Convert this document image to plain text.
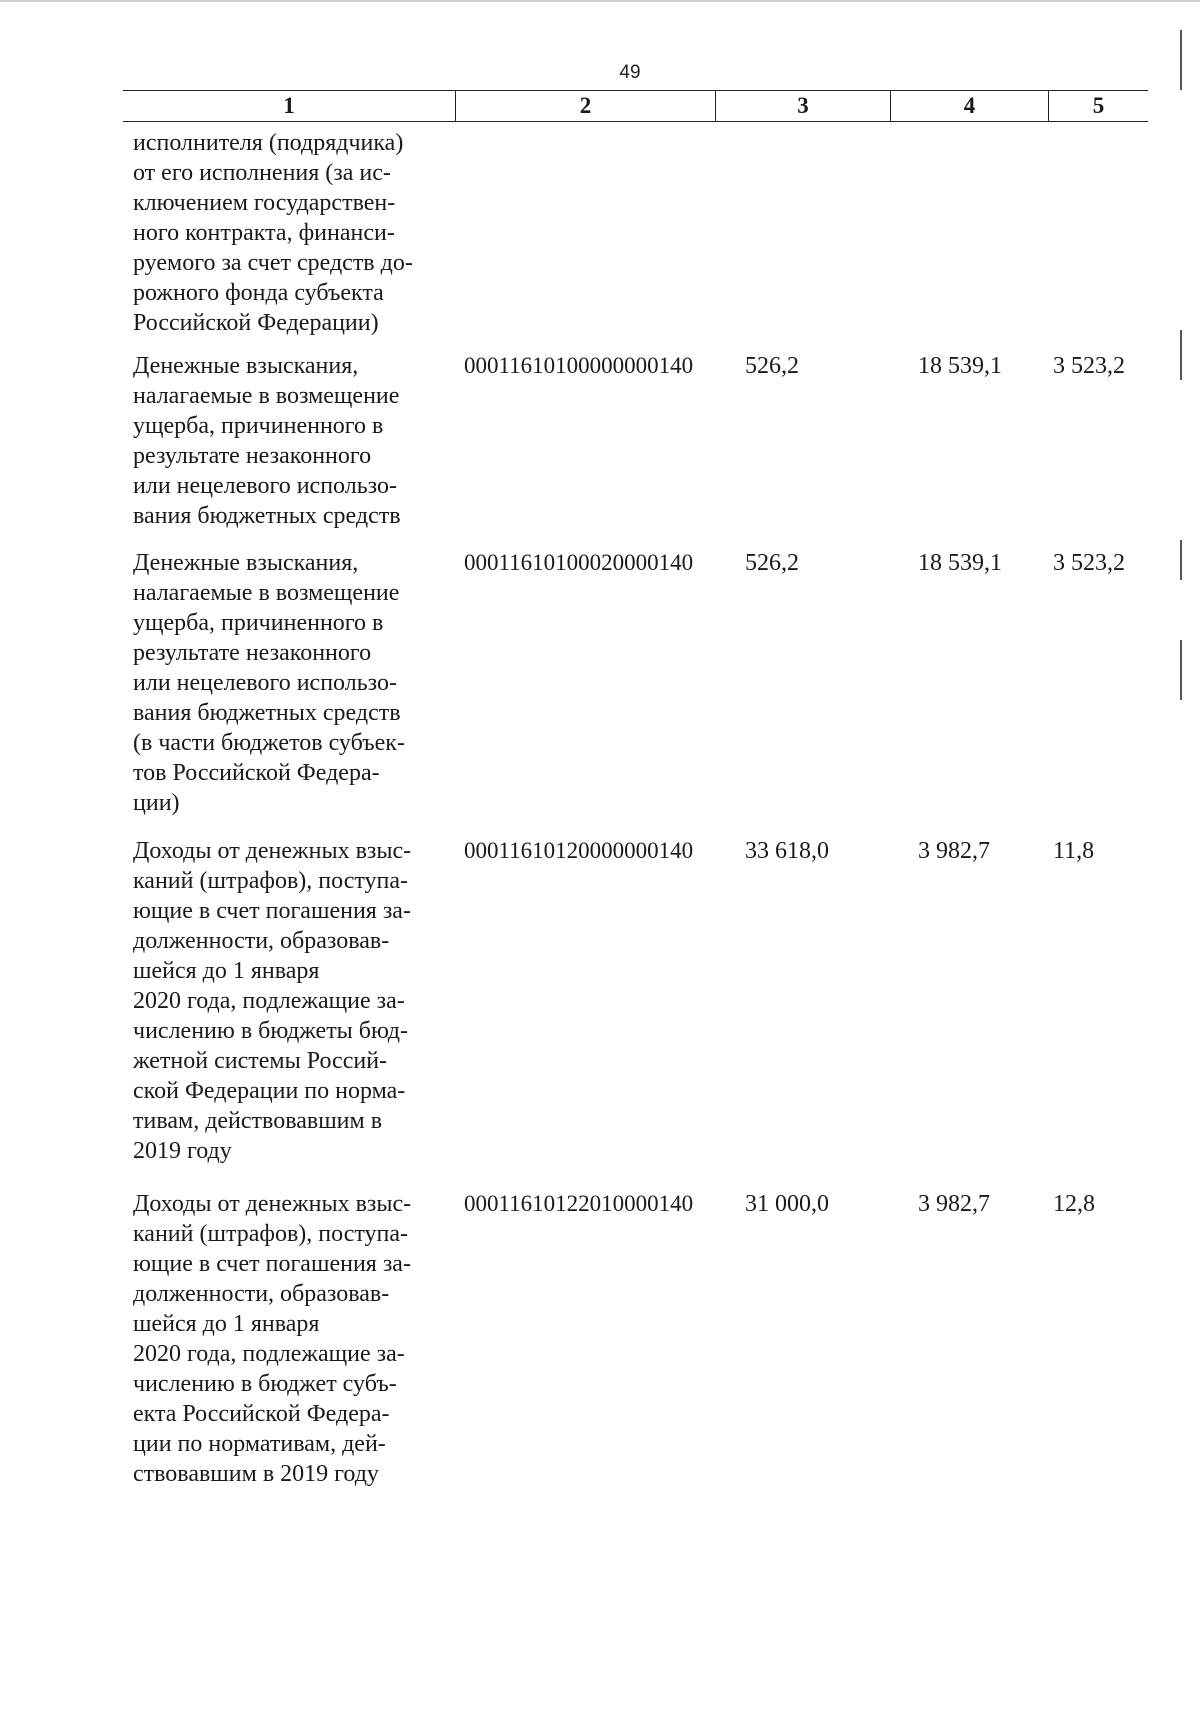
49
1	2	3	4	5
исполнителя (подрядчика)
от его исполнения (за ис-
ключением государствен-
ного контракта, финанси-
руемого за счет средств до-
рожного фонда субъекта
Российской Федерации)
Денежные взыскания,
налагаемые в возмещение
ущерба, причиненного в
результате незаконного
или нецелевого использо-
вания бюджетных средств
00011610100000000140 526,2	18 539,1	3 523,2
Денежные взыскания,
налагаемые в возмещение
ущерба, причиненного в
результате незаконного
или нецелевого использо-
вания бюджетных средств
(в части бюджетов субъек-
тов Российской Федера-
ции)
00011610100020000140 526,2	18 539,1	3 523,2
Доходы от денежных взыс-
каний (штрафов), поступа-
ющие в счет погашения за-
долженности, образовав-
шейся до 1 января
2020 года, подлежащие за-
числению в бюджеты бюд-
жетной системы Россий-
ской Федерации по норма-
тивам, действовавшим в
2019 году
00011610120000000140 33 618,0	3 982,7	11,8
Доходы от денежных взыс-
каний (штрафов), поступа-
ющие в счет погашения за-
долженности, образовав-
шейся до 1 января
2020 года, подлежащие за-
числению в бюджет субъ-
екта Российской Федера-
ции по нормативам, дей-
ствовавшим в 2019 году
00011610122010000140 31 000,0	3 982,7	12,8
